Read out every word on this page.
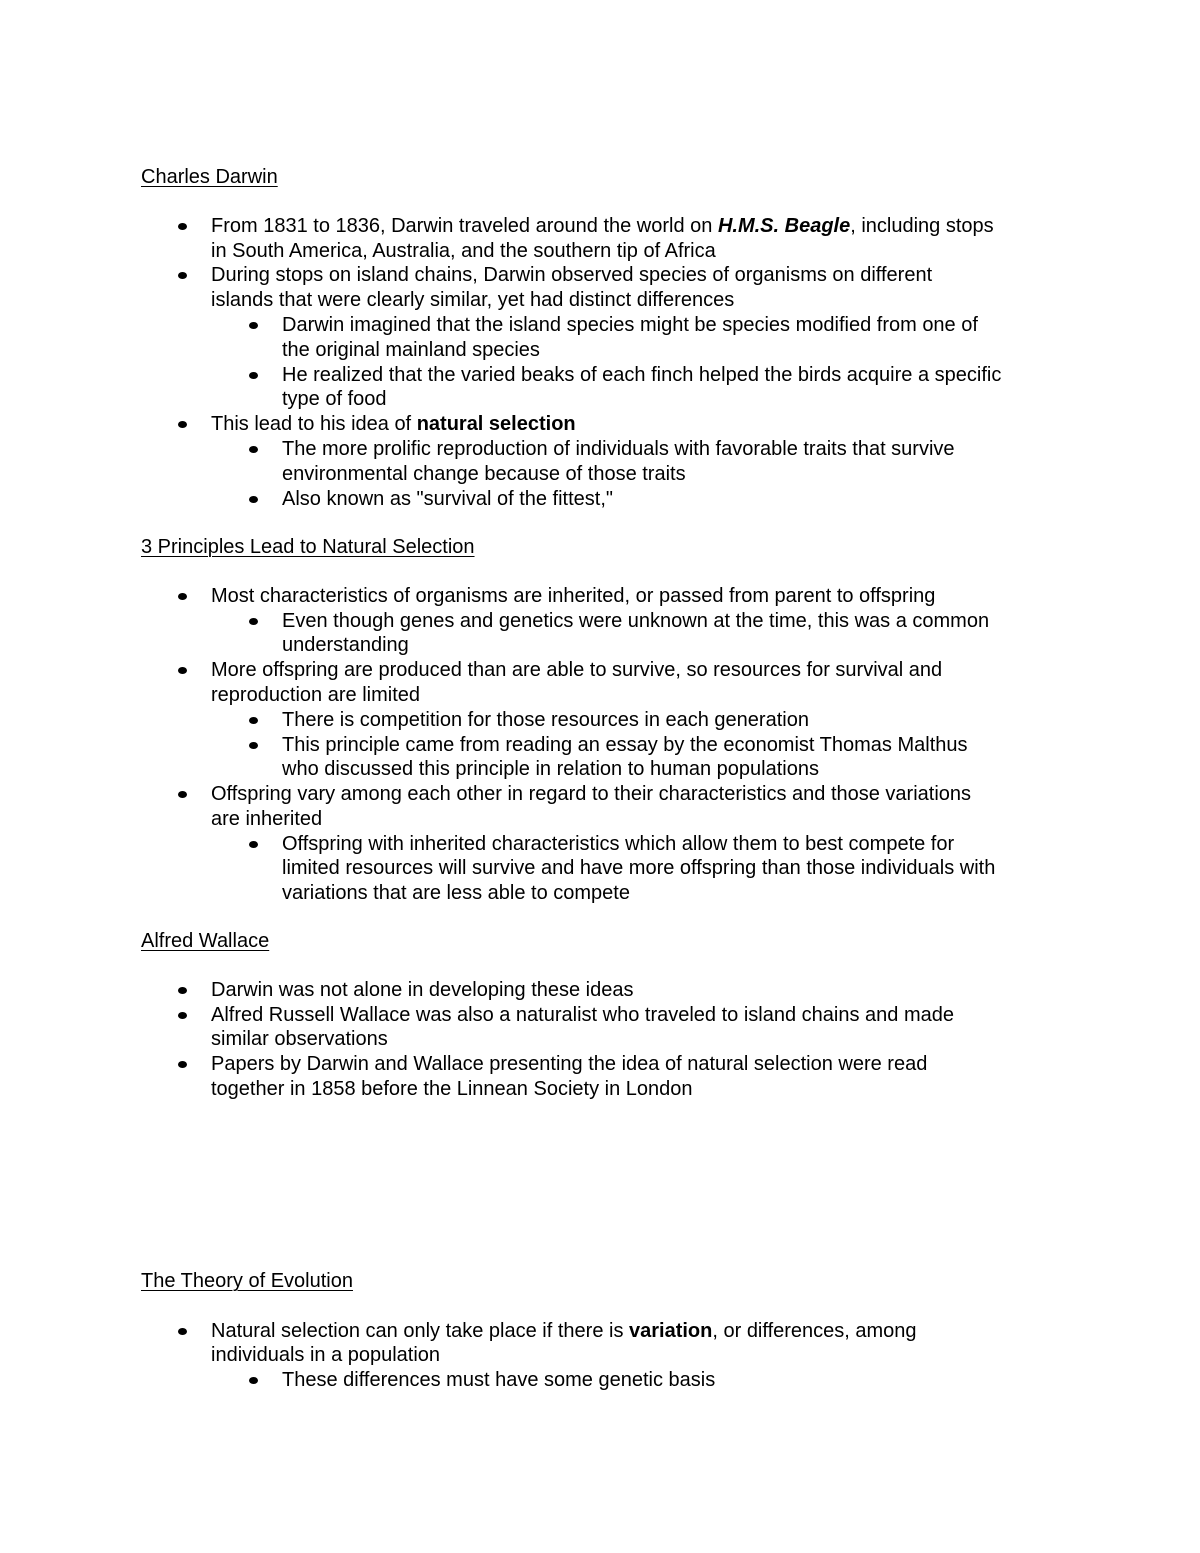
Charles Darwin
From 1831 to 1836, Darwin traveled around the world on H.M.S. Beagle, including stops
in South America, Australia, and the southern tip of Africa
During stops on island chains, Darwin observed species of organisms on different
islands that were clearly similar, yet had distinct differences
Darwin imagined that the island species might be species modified from one of
the original mainland species
He realized that the varied beaks of each finch helped the birds acquire a specific
type of food
This lead to his idea of natural selection
The more prolific reproduction of individuals with favorable traits that survive
environmental change because of those traits
Also known as "survival of the fittest,"
3 Principles Lead to Natural Selection
Most characteristics of organisms are inherited, or passed from parent to offspring
Even though genes and genetics were unknown at the time, this was a common
understanding
More offspring are produced than are able to survive, so resources for survival and
reproduction are limited
There is competition for those resources in each generation
This principle came from reading an essay by the economist Thomas Malthus
who discussed this principle in relation to human populations
Offspring vary among each other in regard to their characteristics and those variations
are inherited
Offspring with inherited characteristics which allow them to best compete for
limited resources will survive and have more offspring than those individuals with
variations that are less able to compete
Alfred Wallace
Darwin was not alone in developing these ideas
Alfred Russell Wallace was also a naturalist who traveled to island chains and made
similar observations
Papers by Darwin and Wallace presenting the idea of natural selection were read
together in 1858 before the Linnean Society in London
The Theory of Evolution
Natural selection can only take place if there is variation, or differences, among
individuals in a population
These differences must have some genetic basis
